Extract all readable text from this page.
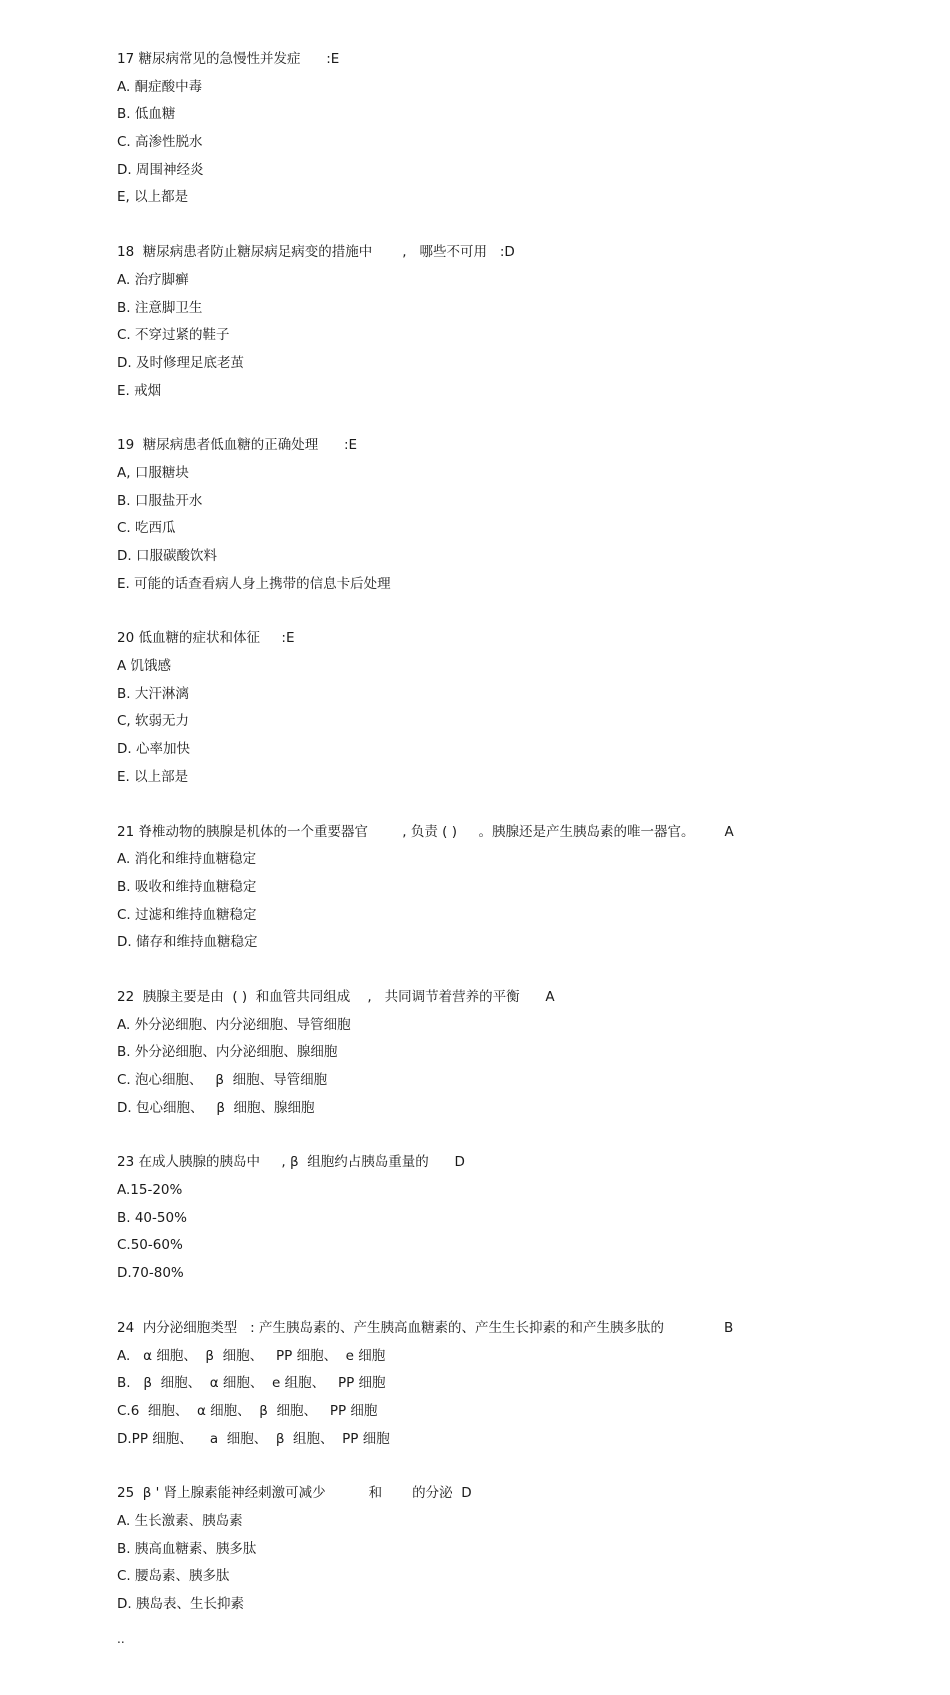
17 糖尿病常见的急慢性并发症      :E
A. 酮症酸中毒
B. 低血糖
C. 高渗性脱水
D. 周围神经炎
E, 以上都是
18  糖尿病患者防止糖尿病足病变的措施中       ,   哪些不可用   :D
A. 治疗脚癣
B. 注意脚卫生
C. 不穿过紧的鞋子
D. 及时修理足底老茧
E. 戒烟
19  糖尿病患者低血糖的正确处理      :E
A, 口服糖块
B. 口服盐开水
C. 吃西瓜
D. 口服碳酸饮料
E. 可能的话查看病人身上携带的信息卡后处理
20 低血糖的症状和体征     :E
A 饥饿感
B. 大汗淋漓
C, 软弱无力
D. 心率加快
E. 以上部是
21 脊椎动物的胰腺是机体的一个重要器官        , 负责 ( )     。胰腺还是产生胰岛素的唯一器官。       A
A. 消化和维持血糖稳定
B. 吸收和维持血糖稳定
C. 过滤和维持血糖稳定
D. 储存和维持血糖稳定
22  胰腺主要是由  ( )  和血管共同组成    ,   共同调节着营养的平衡      A
A. 外分泌细胞、内分泌细胞、导管细胞
B. 外分泌细胞、内分泌细胞、腺细胞
C. 泡心细胞、   β  细胞、导管细胞
D. 包心细胞、   β  细胞、腺细胞
23 在成人胰腺的胰岛中     , β  组胞约占胰岛重量的      D
A.15-20%
B. 40-50%
C.50-60%
D.70-80%
24  内分泌细胞类型   : 产生胰岛素的、产生胰高血糖素的、产生生长抑素的和产生胰多肽的              B
A.   α 细胞、  β  细胞、   PP 细胞、  e 细胞
B.   β  细胞、  α 细胞、  e 组胞、   PP 细胞
C.6  细胞、  α 细胞、  β  细胞、   PP 细胞
D.PP 细胞、    a  细胞、  β  组胞、  PP 细胞
25  β ' 肾上腺素能神经刺激可减少          和       的分泌  D
A. 生长激素、胰岛素
B. 胰高血糖素、胰多肽
C. 腰岛素、胰多肽
D. 胰岛表、生长抑素
..
